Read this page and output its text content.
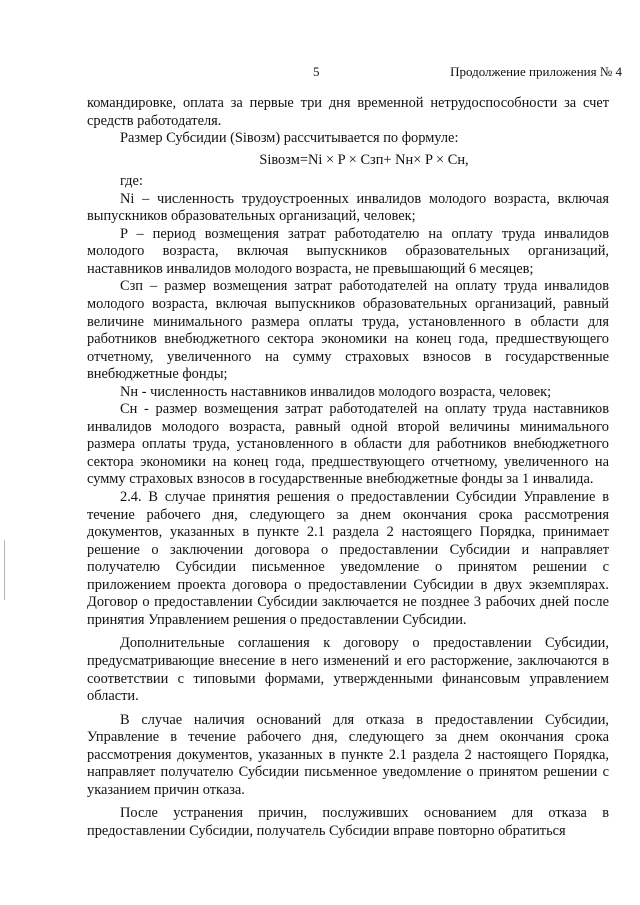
5	Продолжение приложения № 4

командировке, оплата за первые три дня временной нетрудоспособности за счет средств работодателя.

Размер Субсидии (Siвозм) рассчитывается по формуле:

Siвозм=Ni × P × Cзп+ Nн× P × Cн,

где:

Ni – численность трудоустроенных инвалидов молодого возраста, включая выпускников образовательных организаций, человек;

P – период возмещения затрат работодателю на оплату труда инвалидов молодого возраста, включая выпускников образовательных организаций, наставников инвалидов молодого возраста, не превышающий 6 месяцев;

Cзп – размер возмещения затрат работодателей на оплату труда инвалидов молодого возраста, включая выпускников образовательных организаций, равный величине минимального размера оплаты труда, установленного в области для работников внебюджетного сектора экономики на конец года, предшествующего отчетному, увеличенного на сумму страховых взносов в государственные внебюджетные фонды;

Nн - численность наставников инвалидов молодого возраста, человек;

Cн - размер возмещения затрат работодателей на оплату труда наставников инвалидов молодого возраста, равный одной второй величины минимального размера оплаты труда, установленного в области для работников внебюджетного сектора экономики на конец года, предшествующего отчетному, увеличенного на сумму страховых взносов в государственные внебюджетные фонды за 1 инвалида.

2.4. В случае принятия решения о предоставлении Субсидии Управление в течение рабочего дня, следующего за днем окончания срока рассмотрения документов, указанных в пункте 2.1 раздела 2 настоящего Порядка, принимает решение о заключении договора о предоставлении Субсидии и направляет получателю Субсидии письменное уведомление о принятом решении с приложением проекта договора о предоставлении Субсидии в двух экземплярах. Договор о предоставлении Субсидии заключается не позднее 3 рабочих дней после принятия Управлением решения о предоставлении Субсидии.

Дополнительные соглашения к договору о предоставлении Субсидии, предусматривающие внесение в него изменений и его расторжение, заключаются в соответствии с типовыми формами, утвержденными финансовым управлением области.

В случае наличия оснований для отказа в предоставлении Субсидии, Управление в течение рабочего дня, следующего за днем окончания срока рассмотрения документов, указанных в пункте 2.1 раздела 2 настоящего Порядка, направляет получателю Субсидии письменное уведомление о принятом решении с указанием причин отказа.

После устранения причин, послуживших основанием для отказа в предоставлении Субсидии, получатель Субсидии вправе повторно обратиться
